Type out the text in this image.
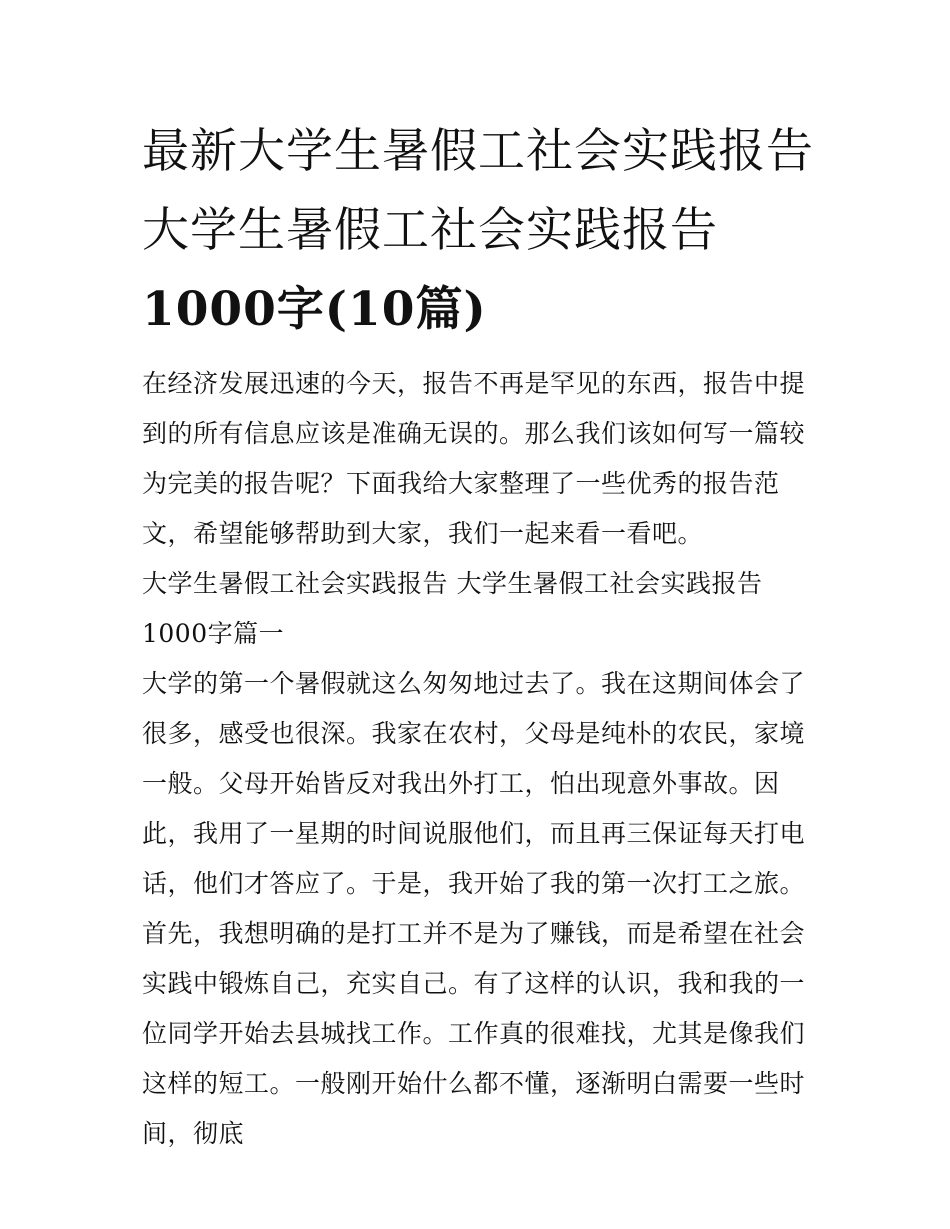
最新大学生暑假工社会实践报告 大学生暑假工社会实践报告1000字(10篇)

在经济发展迅速的今天，报告不再是罕见的东西，报告中提到的所有信息应该是准确无误的。那么我们该如何写一篇较为完美的报告呢？下面我给大家整理了一些优秀的报告范文，希望能够帮助到大家，我们一起来看一看吧。

大学生暑假工社会实践报告 大学生暑假工社会实践报告1000字篇一

大学的第一个暑假就这么匆匆地过去了。我在这期间体会了很多，感受也很深。我家在农村，父母是纯朴的农民，家境一般。父母开始皆反对我出外打工，怕出现意外事故。因此，我用了一星期的时间说服他们，而且再三保证每天打电话，他们才答应了。于是，我开始了我的第一次打工之旅。

首先，我想明确的是打工并不是为了赚钱，而是希望在社会实践中锻炼自己，充实自己。有了这样的认识，我和我的一位同学开始去县城找工作。工作真的很难找，尤其是像我们这样的短工。一般刚开始什么都不懂，逐渐明白需要一些时间，彻底
